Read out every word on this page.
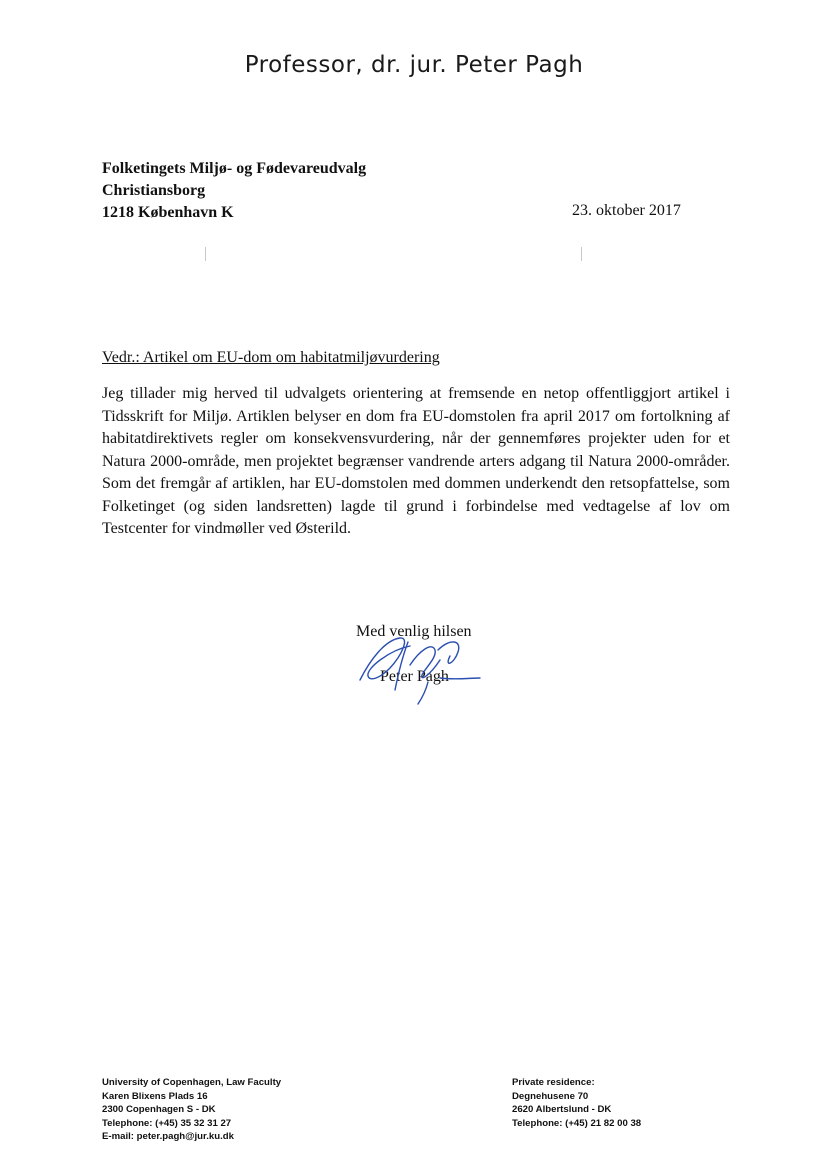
Professor, dr. jur. Peter Pagh
Folketingets Miljø- og Fødevareudvalg
Christiansborg
1218 København K	23. oktober 2017
Vedr.: Artikel om EU-dom om habitatmiljøvurdering
Jeg tillader mig herved til udvalgets orientering at fremsende en netop offentliggjort artikel i Tidsskrift for Miljø. Artiklen belyser en dom fra EU-domstolen fra april 2017 om fortolkning af habitatdirektivets regler om konsekvensvurdering, når der gennemføres projekter uden for et Natura 2000-område, men projektet begrænser vandrende arters adgang til Natura 2000-områder. Som det fremgår af artiklen, har EU-domstolen med dommen underkendt den retsopfattelse, som Folketinget (og siden landsretten) lagde til grund i forbindelse med vedtagelse af lov om Testcenter for vindmøller ved Østerild.
Med venlig hilsen
Peter Pagh
University of Copenhagen, Law Faculty
Karen Blixens Plads 16
2300 Copenhagen S - DK
Telephone: (+45) 35 32 31 27
E-mail: peter.pagh@jur.ku.dk
Private residence:
Degnehusene 70
2620 Albertslund - DK
Telephone: (+45) 21 82 00 38
